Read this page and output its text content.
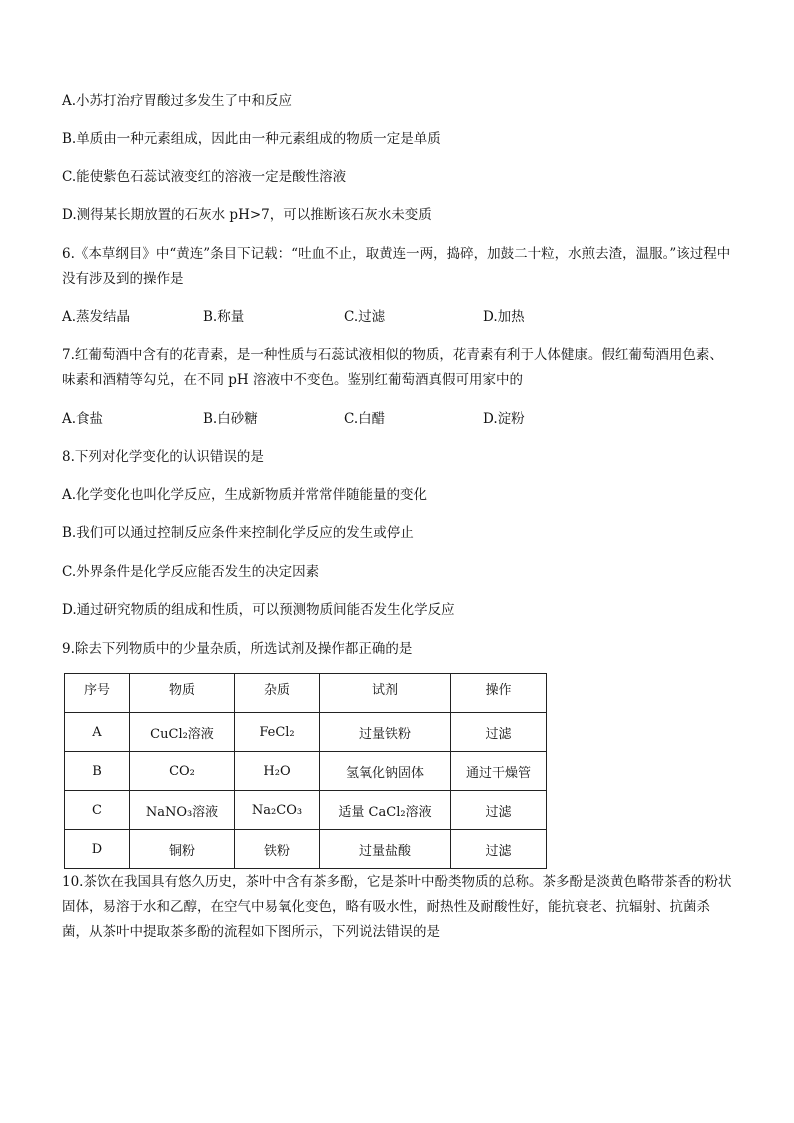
A.小苏打治疗胃酸过多发生了中和反应

B.单质由一种元素组成，因此由一种元素组成的物质一定是单质

C.能使紫色石蕊试液变红的溶液一定是酸性溶液

D.测得某长期放置的石灰水 pH>7，可以推断该石灰水未变质

6.《本草纲目》中“黄连”条目下记载：“吐血不止，取黄连一两，捣碎，加鼓二十粒，水煎去渣，温服。”该过程中没有涉及到的操作是

A.蒸发结晶	B.称量	C.过滤	D.加热

7.红葡萄酒中含有的花青素，是一种性质与石蕊试液相似的物质，花青素有利于人体健康。假红葡萄酒用色素、味素和酒精等勾兑，在不同 pH 溶液中不变色。鉴别红葡萄酒真假可用家中的

A.食盐	B.白砂糖	C.白醋	D.淀粉

8.下列对化学变化的认识错误的是

A.化学变化也叫化学反应，生成新物质并常常伴随能量的变化

B.我们可以通过控制反应条件来控制化学反应的发生或停止

C.外界条件是化学反应能否发生的决定因素

D.通过研究物质的组成和性质，可以预测物质间能否发生化学反应

9.除去下列物质中的少量杂质，所选试剂及操作都正确的是

序号	物质	杂质	试剂	操作
A	CuCl₂溶液	FeCl₂	过量铁粉	过滤
B	CO₂	H₂O	氢氧化钠固体	通过干燥管
C	NaNO₃溶液	Na₂CO₃	适量 CaCl₂溶液	过滤
D	铜粉	铁粉	过量盐酸	过滤

10.茶饮在我国具有悠久历史，茶叶中含有茶多酚，它是茶叶中酚类物质的总称。茶多酚是淡黄色略带茶香的粉状固体，易溶于水和乙醇，在空气中易氧化变色，略有吸水性，耐热性及耐酸性好，能抗衰老、抗辐射、抗菌杀菌，从茶叶中提取茶多酚的流程如下图所示，下列说法错误的是
